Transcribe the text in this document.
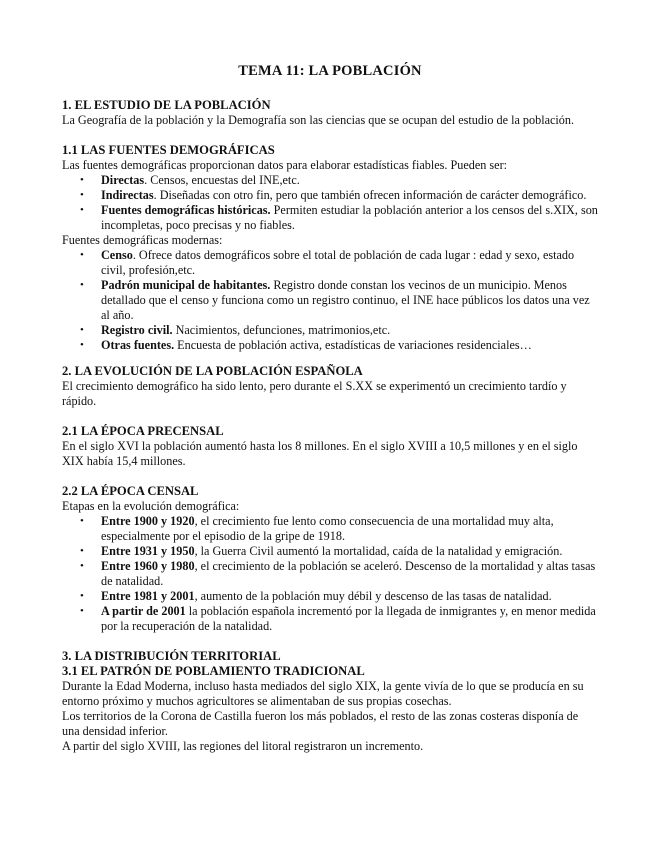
TEMA 11: LA POBLACIÓN
1. EL ESTUDIO DE LA POBLACIÓN

La Geografía de la población y la Demografía son las ciencias que se ocupan del estudio de la población.

1.1 LAS FUENTES DEMOGRÁFICAS

Las fuentes demográficas proporcionan datos para elaborar estadísticas fiables. Pueden ser:

• Directas. Censos, encuestas del INE,etc.
• Indirectas. Diseñadas con otro fin, pero que también ofrecen información de carácter demográfico.
• Fuentes demográficas históricas. Permiten estudiar la población anterior a los censos del s.XIX, son incompletas, poco precisas y no fiables.

Fuentes demográficas modernas:

• Censo. Ofrece datos demográficos sobre el total de población de cada lugar : edad y sexo, estado civil, profesión,etc.
• Padrón municipal de habitantes. Registro donde constan los vecinos de un municipio. Menos detallado que el censo y funciona como un registro continuo, el INE hace públicos los datos una vez al año.
• Registro civil. Nacimientos, defunciones, matrimonios,etc.
• Otras fuentes. Encuesta de población activa, estadísticas de variaciones residenciales…
2. LA EVOLUCIÓN DE LA POBLACIÓN ESPAÑOLA

El crecimiento demográfico ha sido lento, pero durante el S.XX se experimentó un crecimiento tardío y rápido.

2.1 LA ÉPOCA PRECENSAL

En el siglo XVI la población aumentó hasta los 8 millones. En el siglo XVIII a 10,5 millones y en el siglo XIX había 15,4 millones.

2.2 LA ÉPOCA CENSAL

Etapas en la evolución demográfica:

• Entre 1900 y 1920, el crecimiento fue lento como consecuencia de una mortalidad muy alta, especialmente por el episodio de la gripe de 1918.
• Entre 1931 y 1950, la Guerra Civil aumentó la mortalidad, caída de la natalidad y emigración.
• Entre 1960 y 1980, el crecimiento de la población se aceleró. Descenso de la mortalidad y altas tasas de natalidad.
• Entre 1981 y 2001, aumento de la población muy débil y descenso de las tasas de natalidad.
• A partir de 2001 la población española incrementó por la llegada de inmigrantes y, en menor medida por la recuperación de la natalidad.
3. LA DISTRIBUCIÓN TERRITORIAL
3.1 EL PATRÓN DE POBLAMIENTO TRADICIONAL

Durante la Edad Moderna, incluso hasta mediados del siglo XIX, la gente vivía de lo que se producía en su entorno próximo y muchos agricultores se alimentaban de sus propias cosechas.

Los territorios de la Corona de Castilla fueron los más poblados, el resto de las zonas costeras disponía de una densidad inferior.

A partir del siglo XVIII, las regiones del litoral registraron un incremento.
